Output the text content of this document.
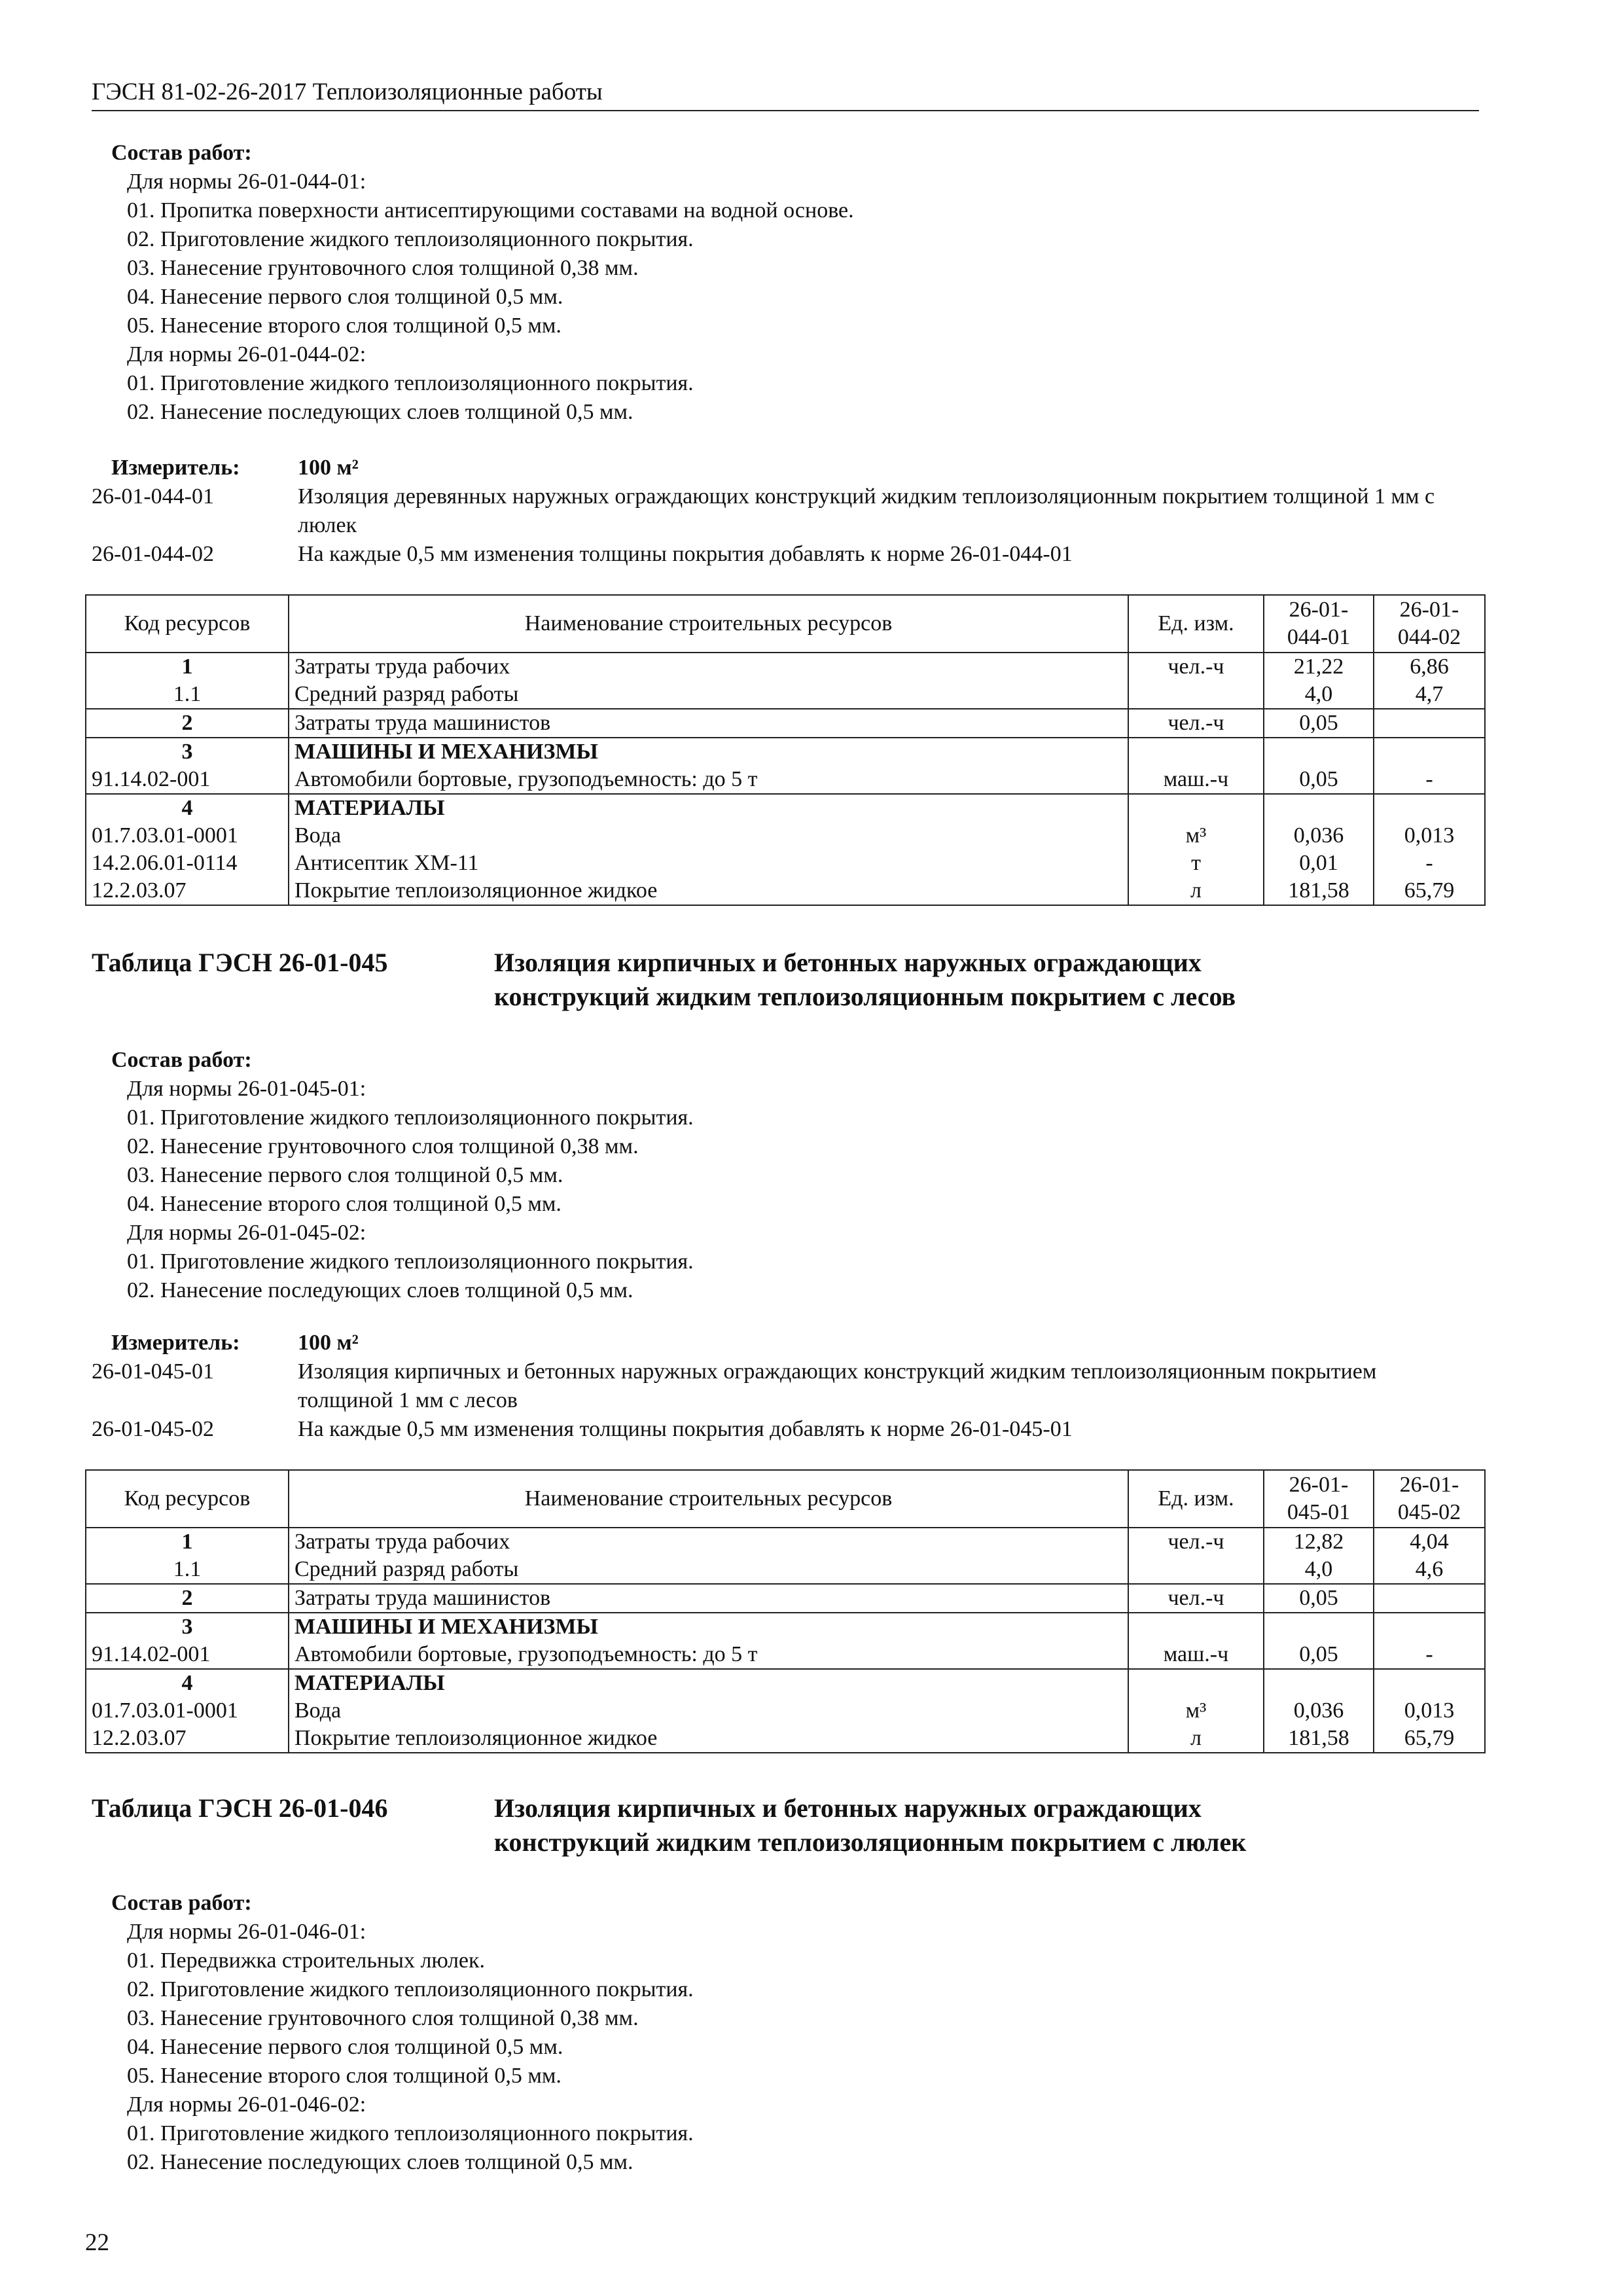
ГЭСН 81-02-26-2017 Теплоизоляционные работы
Состав работ:
Для нормы 26-01-044-01:
01. Пропитка поверхности антисептирующими составами на водной основе.
02. Приготовление жидкого теплоизоляционного покрытия.
03. Нанесение грунтовочного слоя толщиной 0,38 мм.
04. Нанесение первого слоя толщиной 0,5 мм.
05. Нанесение второго слоя толщиной 0,5 мм.
Для нормы 26-01-044-02:
01. Приготовление жидкого теплоизоляционного покрытия.
02. Нанесение последующих слоев толщиной 0,5 мм.
Измеритель:	100 м²
26-01-044-01	Изоляция деревянных наружных ограждающих конструкций жидким теплоизоляционным покрытием толщиной 1 мм с люлек
26-01-044-02	На каждые 0,5 мм изменения толщины покрытия добавлять к норме 26-01-044-01
Код ресурсов	Наименование строительных ресурсов	Ед. изм.	26-01-044-01	26-01-044-02
1	Затраты труда рабочих	чел.-ч	21,22	6,86
1.1	Средний разряд работы		4,0	4,7
2	Затраты труда машинистов	чел.-ч	0,05	
3	МАШИНЫ И МЕХАНИЗМЫ			
91.14.02-001	Автомобили бортовые, грузоподъемность: до 5 т	маш.-ч	0,05	-
4	МАТЕРИАЛЫ			
01.7.03.01-0001	Вода	м³	0,036	0,013
14.2.06.01-0114	Антисептик ХМ-11	т	0,01	-
12.2.03.07	Покрытие теплоизоляционное жидкое	л	181,58	65,79
Таблица ГЭСН 26-01-045	Изоляция кирпичных и бетонных наружных ограждающих
конструкций жидким теплоизоляционным покрытием с лесов
Состав работ:
Для нормы 26-01-045-01:
01. Приготовление жидкого теплоизоляционного покрытия.
02. Нанесение грунтовочного слоя толщиной 0,38 мм.
03. Нанесение первого слоя толщиной 0,5 мм.
04. Нанесение второго слоя толщиной 0,5 мм.
Для нормы 26-01-045-02:
01. Приготовление жидкого теплоизоляционного покрытия.
02. Нанесение последующих слоев толщиной 0,5 мм.
Измеритель:	100 м²
26-01-045-01	Изоляция кирпичных и бетонных наружных ограждающих конструкций жидким теплоизоляционным покрытием толщиной 1 мм с лесов
26-01-045-02	На каждые 0,5 мм изменения толщины покрытия добавлять к норме 26-01-045-01
Код ресурсов	Наименование строительных ресурсов	Ед. изм.	26-01-045-01	26-01-045-02
1	Затраты труда рабочих	чел.-ч	12,82	4,04
1.1	Средний разряд работы		4,0	4,6
2	Затраты труда машинистов	чел.-ч	0,05	
3	МАШИНЫ И МЕХАНИЗМЫ			
91.14.02-001	Автомобили бортовые, грузоподъемность: до 5 т	маш.-ч	0,05	-
4	МАТЕРИАЛЫ			
01.7.03.01-0001	Вода	м³	0,036	0,013
12.2.03.07	Покрытие теплоизоляционное жидкое	л	181,58	65,79
Таблица ГЭСН 26-01-046	Изоляция кирпичных и бетонных наружных ограждающих
конструкций жидким теплоизоляционным покрытием с люлек
Состав работ:
Для нормы 26-01-046-01:
01. Передвижка строительных люлек.
02. Приготовление жидкого теплоизоляционного покрытия.
03. Нанесение грунтовочного слоя толщиной 0,38 мм.
04. Нанесение первого слоя толщиной 0,5 мм.
05. Нанесение второго слоя толщиной 0,5 мм.
Для нормы 26-01-046-02:
01. Приготовление жидкого теплоизоляционного покрытия.
02. Нанесение последующих слоев толщиной 0,5 мм.
22
